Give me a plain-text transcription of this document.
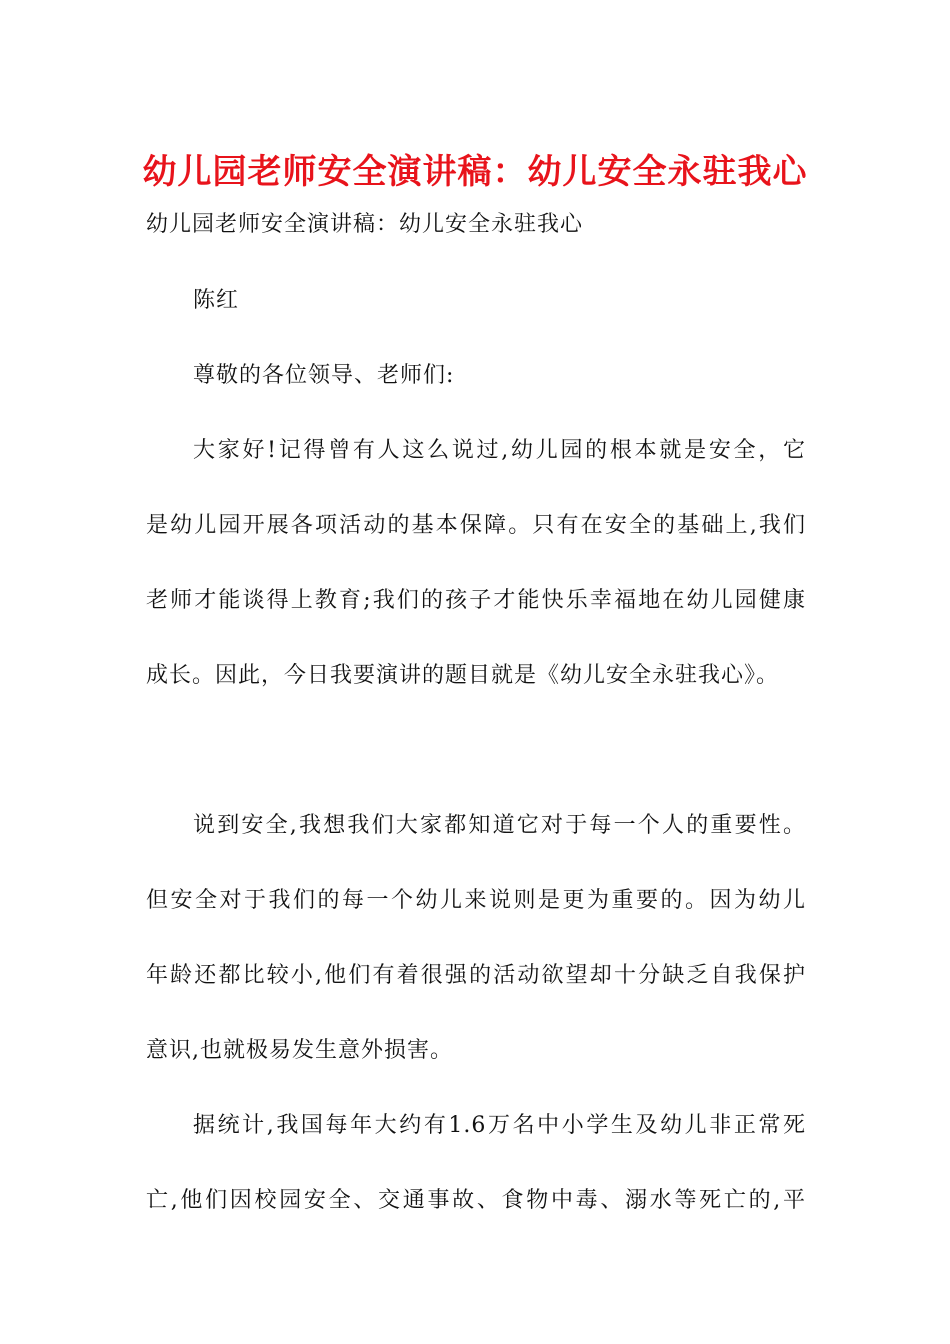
幼儿园老师安全演讲稿：幼儿安全永驻我心

幼儿园老师安全演讲稿：幼儿安全永驻我心

陈红

尊敬的各位领导、老师们:

大家好!记得曾有人这么说过,幼儿园的根本就是安全，它

是幼儿园开展各项活动的基本保障。只有在安全的基础上,我们

老师才能谈得上教育;我们的孩子才能快乐幸福地在幼儿园健康

成长。因此，今日我要演讲的题目就是《幼儿安全永驻我心》。

说到安全,我想我们大家都知道它对于每一个人的重要性。

但安全对于我们的每一个幼儿来说则是更为重要的。因为幼儿

年龄还都比较小,他们有着很强的活动欲望却十分缺乏自我保护

意识,也就极易发生意外损害。

据统计,我国每年大约有1.6万名中小学生及幼儿非正常死

亡,他们因校园安全、交通事故、食物中毒、溺水等死亡的,平
